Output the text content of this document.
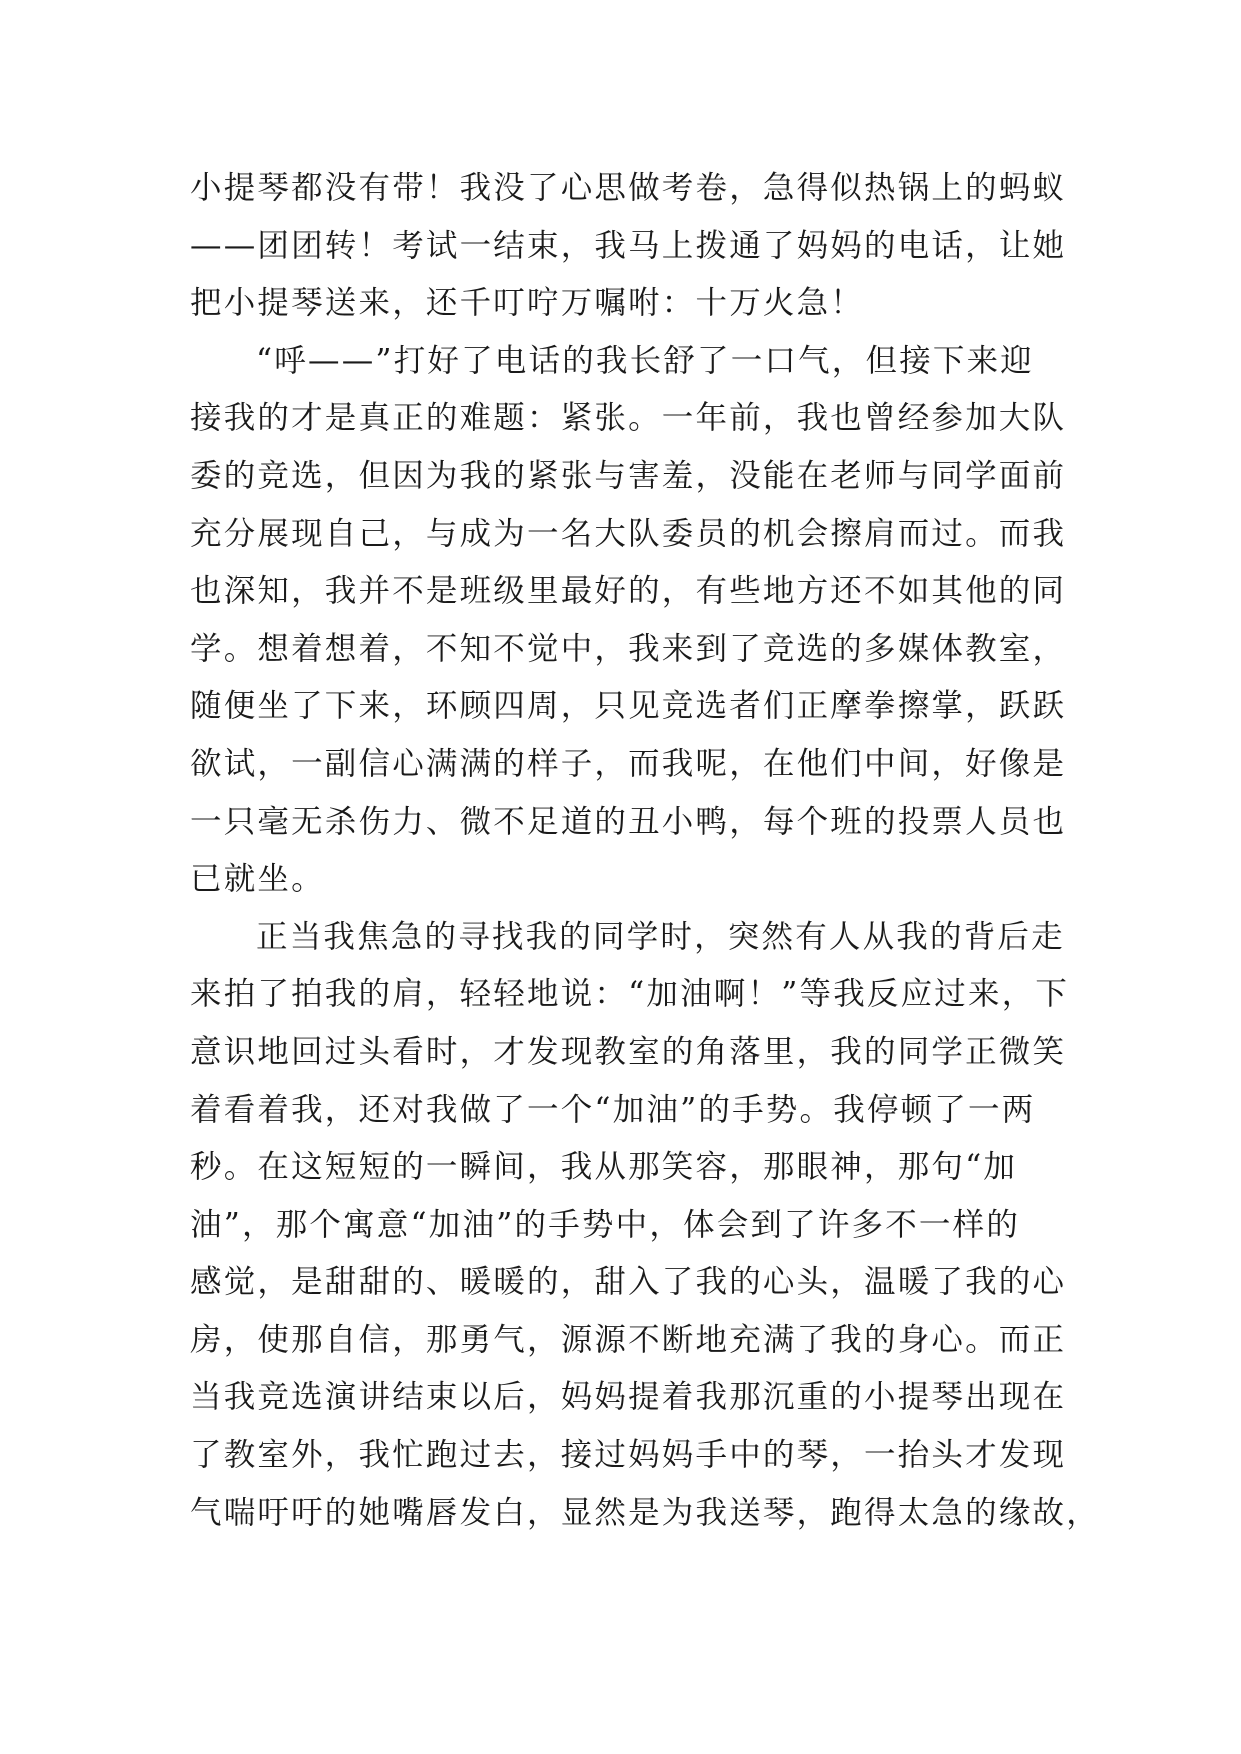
小提琴都没有带！我没了心思做考卷，急得似热锅上的蚂蚁
——团团转！考试一结束，我马上拨通了妈妈的电话，让她
把小提琴送来，还千叮咛万嘱咐：十万火急！
“呼——”打好了电话的我长舒了一口气，但接下来迎
接我的才是真正的难题：紧张。一年前，我也曾经参加大队
委的竞选，但因为我的紧张与害羞，没能在老师与同学面前
充分展现自己，与成为一名大队委员的机会擦肩而过。而我
也深知，我并不是班级里最好的，有些地方还不如其他的同
学。想着想着，不知不觉中，我来到了竞选的多媒体教室，
随便坐了下来，环顾四周，只见竞选者们正摩拳擦掌，跃跃
欲试，一副信心满满的样子，而我呢，在他们中间，好像是
一只毫无杀伤力、微不足道的丑小鸭，每个班的投票人员也
已就坐。
正当我焦急的寻找我的同学时，突然有人从我的背后走
来拍了拍我的肩，轻轻地说：“加油啊！”等我反应过来，下
意识地回过头看时，才发现教室的角落里，我的同学正微笑
着看着我，还对我做了一个“加油”的手势。我停顿了一两
秒。在这短短的一瞬间，我从那笑容，那眼神，那句“加
油”，那个寓意“加油”的手势中，体会到了许多不一样的
感觉，是甜甜的、暖暖的，甜入了我的心头，温暖了我的心
房，使那自信，那勇气，源源不断地充满了我的身心。而正
当我竞选演讲结束以后，妈妈提着我那沉重的小提琴出现在
了教室外，我忙跑过去，接过妈妈手中的琴，一抬头才发现
气喘吁吁的她嘴唇发白，显然是为我送琴，跑得太急的缘故，
